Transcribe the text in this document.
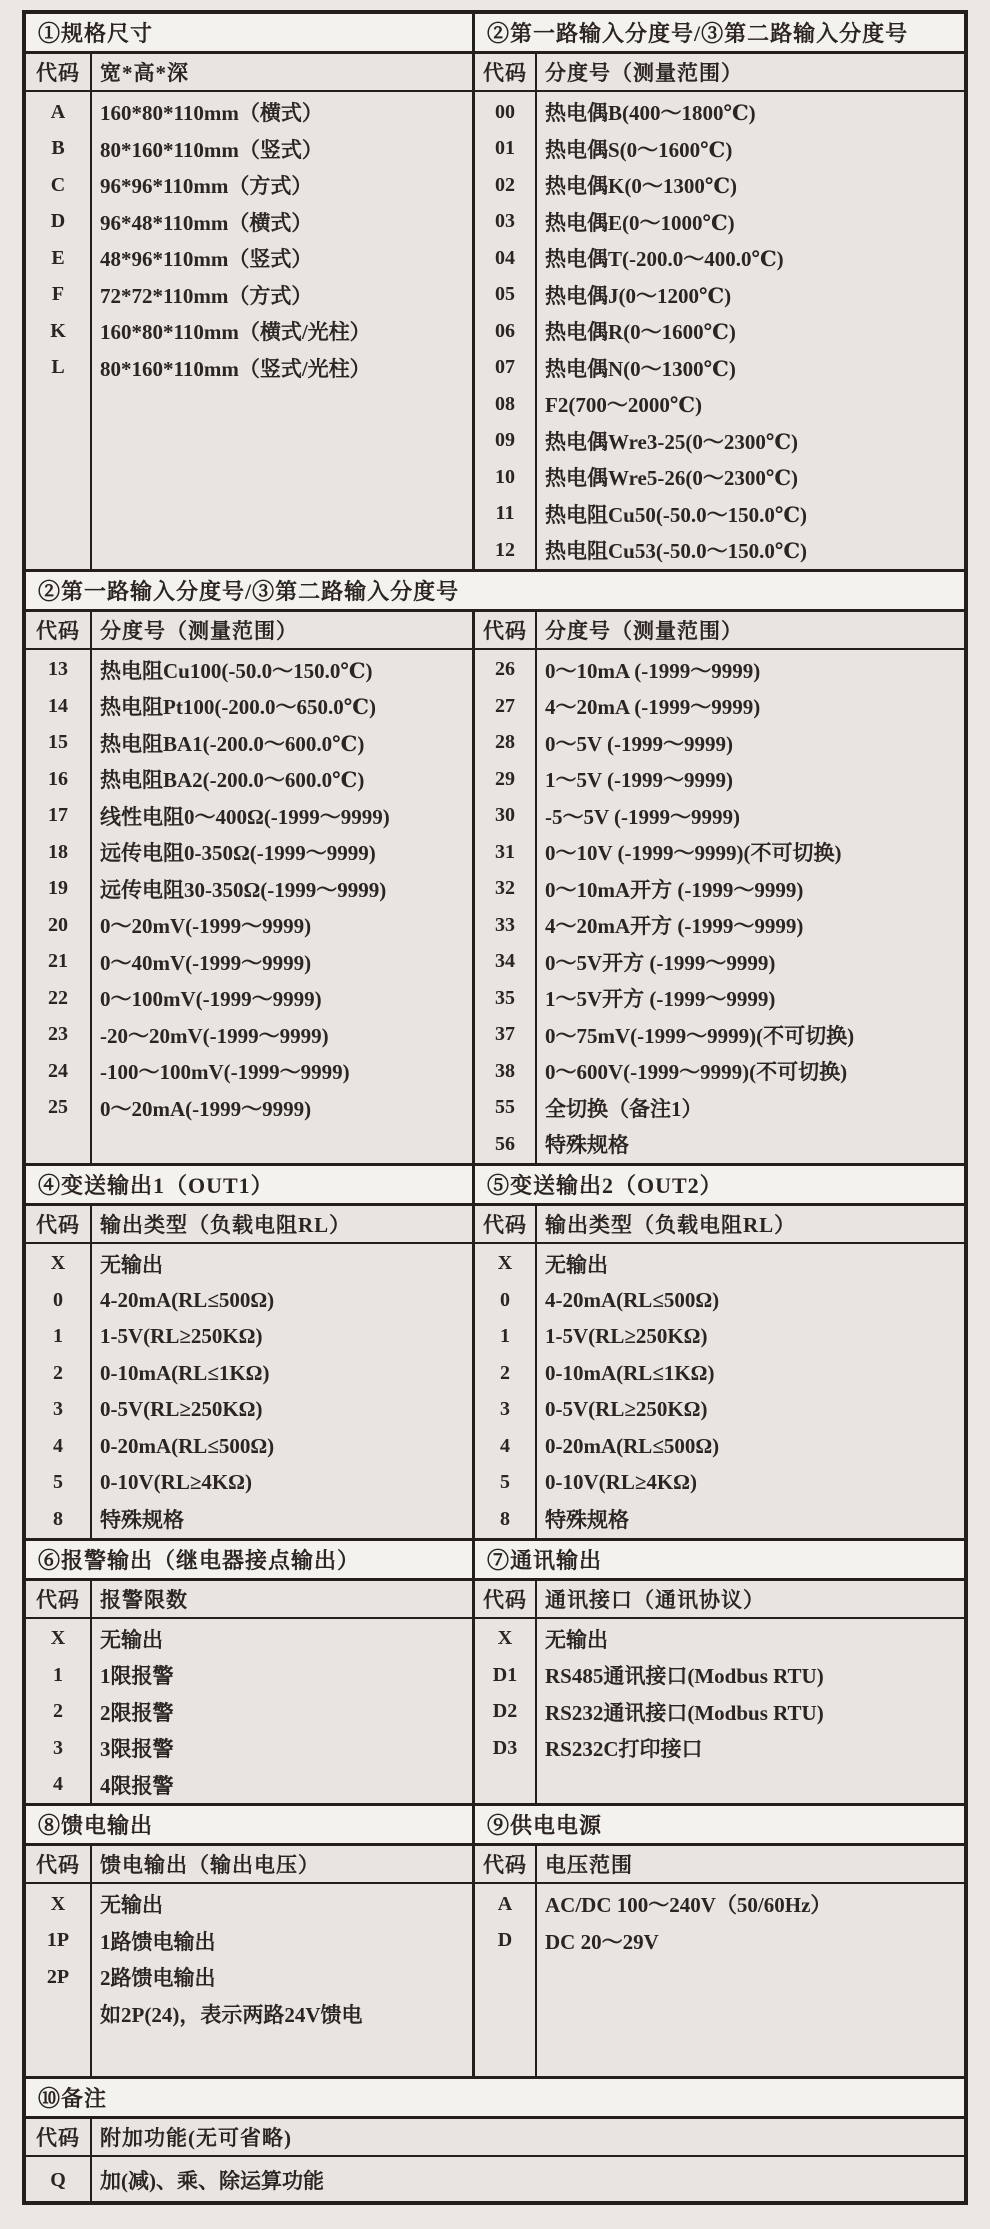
①规格尺寸
代码 宽*高*深
A	160*80*110mm（横式）
B	80*160*110mm（竖式）
C	96*96*110mm（方式）
D	96*48*110mm（横式）
E	48*96*110mm（竖式）
F	72*72*110mm（方式）
K	160*80*110mm（横式/光柱）
L	80*160*110mm（竖式/光柱）
②第一路输入分度号/③第二路输入分度号
代码 分度号（测量范围）
00	热电偶B(400～1800℃)
01	热电偶S(0～1600℃)
02	热电偶K(0～1300℃)
03	热电偶E(0～1000℃)
04	热电偶T(-200.0～400.0℃)
05	热电偶J(0～1200℃)
06	热电偶R(0～1600℃)
07	热电偶N(0～1300℃)
08	F2(700～2000℃)
09	热电偶Wre3-25(0～2300℃)
10	热电偶Wre5-26(0～2300℃)
11	热电阻Cu50(-50.0～150.0℃)
12	热电阻Cu53(-50.0～150.0℃)
②第一路输入分度号/③第二路输入分度号
代码 分度号（测量范围）
13	热电阻Cu100(-50.0～150.0℃)
14	热电阻Pt100(-200.0～650.0℃)
15	热电阻BA1(-200.0～600.0℃)
16	热电阻BA2(-200.0～600.0℃)
17	线性电阻0～400Ω(-1999～9999)
18	远传电阻0-350Ω(-1999～9999)
19	远传电阻30-350Ω(-1999～9999)
20	0～20mV(-1999～9999)
21	0～40mV(-1999～9999)
22	0～100mV(-1999～9999)
23	-20～20mV(-1999～9999)
24	-100～100mV(-1999～9999)
25	0～20mA(-1999～9999)
代码 分度号（测量范围）
26	0～10mA (-1999～9999)
27	4～20mA (-1999～9999)
28	0～5V (-1999～9999)
29	1～5V (-1999～9999)
30	-5～5V (-1999～9999)
31	0～10V (-1999～9999)(不可切换)
32	0～10mA开方 (-1999～9999)
33	4～20mA开方 (-1999～9999)
34	0～5V开方 (-1999～9999)
35	1～5V开方 (-1999～9999)
37	0～75mV(-1999～9999)(不可切换)
38	0～600V(-1999～9999)(不可切换)
55	全切换（备注1）
56	特殊规格
④变送输出1（OUT1）
代码 输出类型（负载电阻RL）
X	无输出
0	4-20mA(RL≤500Ω)
1	1-5V(RL≥250KΩ)
2	0-10mA(RL≤1KΩ)
3	0-5V(RL≥250KΩ)
4	0-20mA(RL≤500Ω)
5	0-10V(RL≥4KΩ)
8	特殊规格
⑤变送输出2（OUT2）
代码 输出类型（负载电阻RL）
X	无输出
0	4-20mA(RL≤500Ω)
1	1-5V(RL≥250KΩ)
2	0-10mA(RL≤1KΩ)
3	0-5V(RL≥250KΩ)
4	0-20mA(RL≤500Ω)
5	0-10V(RL≥4KΩ)
8	特殊规格
⑥报警输出（继电器接点输出）
代码 报警限数
X	无输出
1	1限报警
2	2限报警
3	3限报警
4	4限报警
⑦通讯输出
代码 通讯接口（通讯协议）
X	无输出
D1	RS485通讯接口(Modbus RTU)
D2	RS232通讯接口(Modbus RTU)
D3	RS232C打印接口
⑧馈电输出
代码 馈电输出（输出电压）
X	无输出
1P	1路馈电输出
2P	2路馈电输出
如2P(24)，表示两路24V馈电
⑨供电电源
代码 电压范围
A	AC/DC 100～240V（50/60Hz）
D	DC 20～29V
⑩备注
代码 附加功能(无可省略)
Q	加(减)、乘、除运算功能
